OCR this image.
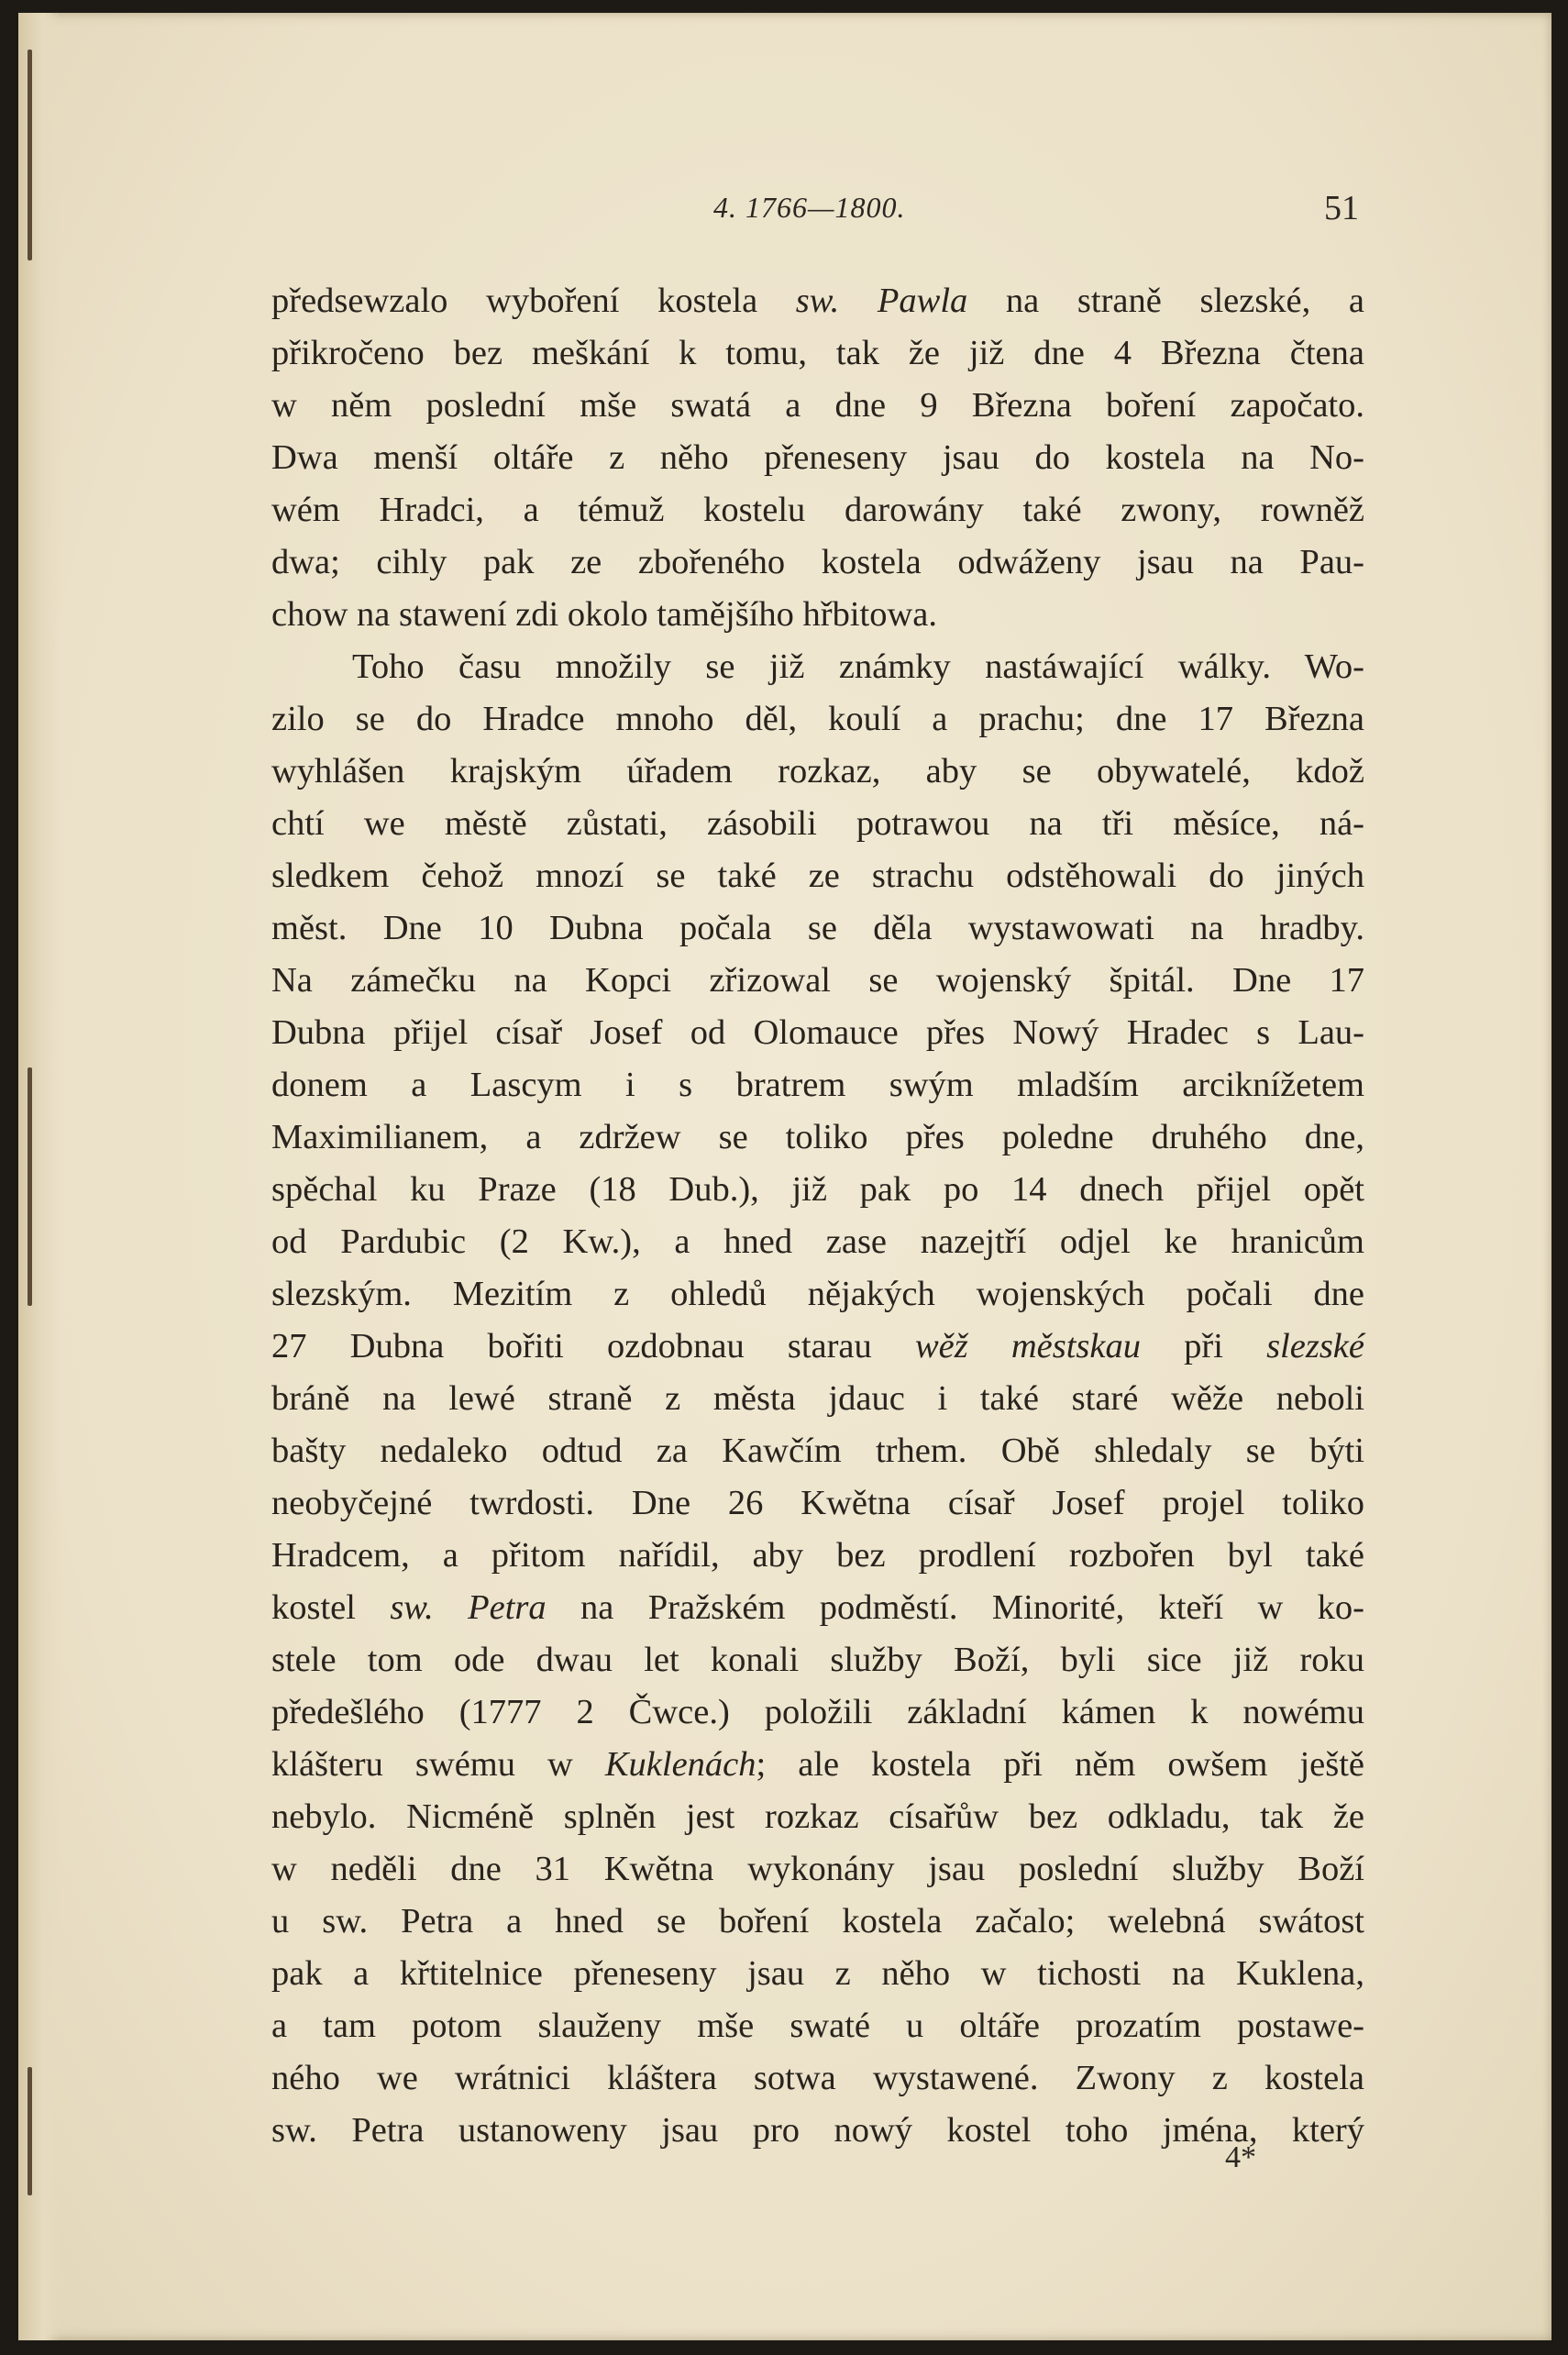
4. 1766—1800.	51
předsewzalo wyboření kostela sw. Pawla na straně slezské, a
přikročeno bez meškání k tomu, tak že již dne 4 Března čtena
w něm poslední mše swatá a dne 9 Března boření započato.
Dwa menší oltáře z něho přeneseny jsau do kostela na No-
wém Hradci, a témuž kostelu darowány také zwony, rowněž
dwa; cihly pak ze zbořeného kostela odwáženy jsau na Pau-
chow na stawení zdi okolo tamějšího hřbitowa.
Toho času množily se již známky nastáwající wálky. Wo-
zilo se do Hradce mnoho děl, koulí a prachu; dne 17 Března
wyhlášen krajským úřadem rozkaz, aby se obywatelé, kdož
chtí we městě zůstati, zásobili potrawou na tři měsíce, ná-
sledkem čehož mnozí se také ze strachu odstěhowali do jiných
měst. Dne 10 Dubna počala se děla wystawowati na hradby.
Na zámečku na Kopci zřizowal se wojenský špitál. Dne 17
Dubna přijel císař Josef od Olomauce přes Nowý Hradec s Lau-
donem a Lascym i s bratrem swým mladším arciknížetem
Maximilianem, a zdržew se toliko přes poledne druhého dne,
spěchal ku Praze (18 Dub.), již pak po 14 dnech přijel opět
od Pardubic (2 Kw.), a hned zase nazejtří odjel ke hranicům
slezským. Mezitím z ohledů nějakých wojenských počali dne
27 Dubna bořiti ozdobnau starau wěž městskau při slezské
bráně na lewé straně z města jdauc i také staré wěže neboli
bašty nedaleko odtud za Kawčím trhem. Obě shledaly se býti
neobyčejné twrdosti. Dne 26 Kwětna císař Josef projel toliko
Hradcem, a přitom nařídil, aby bez prodlení rozbořen byl také
kostel sw. Petra na Pražském podměstí. Minorité, kteří w ko-
stele tom ode dwau let konali služby Boží, byli sice již roku
předešlého (1777 2 Čwce.) položili základní kámen k nowému
klášteru swému w Kuklenách; ale kostela při něm owšem ještě
nebylo. Nicméně splněn jest rozkaz císařůw bez odkladu, tak že
w neděli dne 31 Kwětna wykonány jsau poslední služby Boží
u sw. Petra a hned se boření kostela začalo; welebná swátost
pak a křtitelnice přeneseny jsau z něho w tichosti na Kuklena,
a tam potom slauženy mše swaté u oltáře prozatím postawe-
ného we wrátnici kláštera sotwa wystawené. Zwony z kostela
sw. Petra ustanoweny jsau pro nowý kostel toho jména, který
4*
